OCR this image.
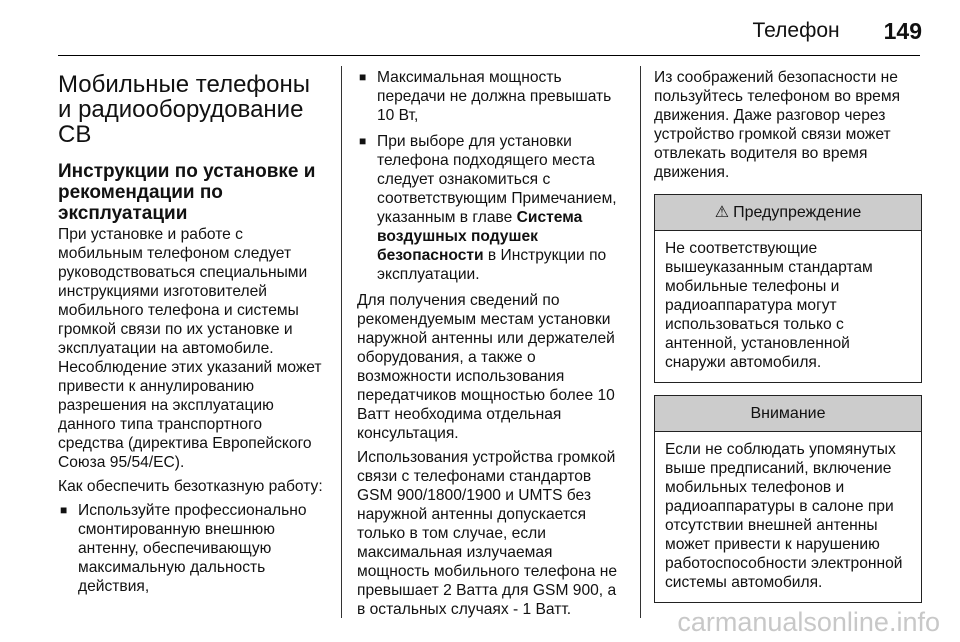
Телефон 149
Мобильные телефоны и радиооборудование CB
Инструкции по установке и рекомендации по эксплуатации

При установке и работе с мобильным телефоном следует руководствоваться специальными инструкциями изготовителей мобильного телефона и системы громкой связи по их установке и эксплуатации на автомобиле. Несоблюдение этих указаний может привести к аннулированию разрешения на эксплуатацию данного типа транспортного средства (директива Европейского Союза 95/54/EC).

Как обеспечить безотказную работу:

■ Используйте профессионально смонтированную внешнюю антенну, обеспечивающую максимальную дальность действия,
■ Максимальная мощность передачи не должна превышать 10 Вт,
■ При выборе для установки телефона подходящего места следует ознакомиться с соответствующим Примечанием, указанным в главе Система воздушных подушек безопасности в Инструкции по эксплуатации.

Для получения сведений по рекомендуемым местам установки наружной антенны или держателей оборудования, а также о возможности использования передатчиков мощностью более 10 Ватт необходима отдельная консультация.

Использования устройства громкой связи с телефонами стандартов GSM 900/1800/1900 и UMTS без наружной антенны допускается только в том случае, если максимальная излучаемая мощность мобильного телефона не превышает 2 Ватта для GSM 900, а в остальных случаях - 1 Ватт.

Из соображений безопасности не пользуйтесь телефоном во время движения. Даже разговор через устройство громкой связи может отвлекать водителя во время движения.

⚠ Предупреждение
Не соответствующие вышеуказанным стандартам мобильные телефоны и радиоаппаратура могут использоваться только с антенной, установленной снаружи автомобиля.
Внимание
Если не соблюдать упомянутых выше предписаний, включение мобильных телефонов и радиоаппаратуры в салоне при отсутствии внешней антенны может привести к нарушению работоспособности электронной системы автомобиля.
carmanualsonline.info
